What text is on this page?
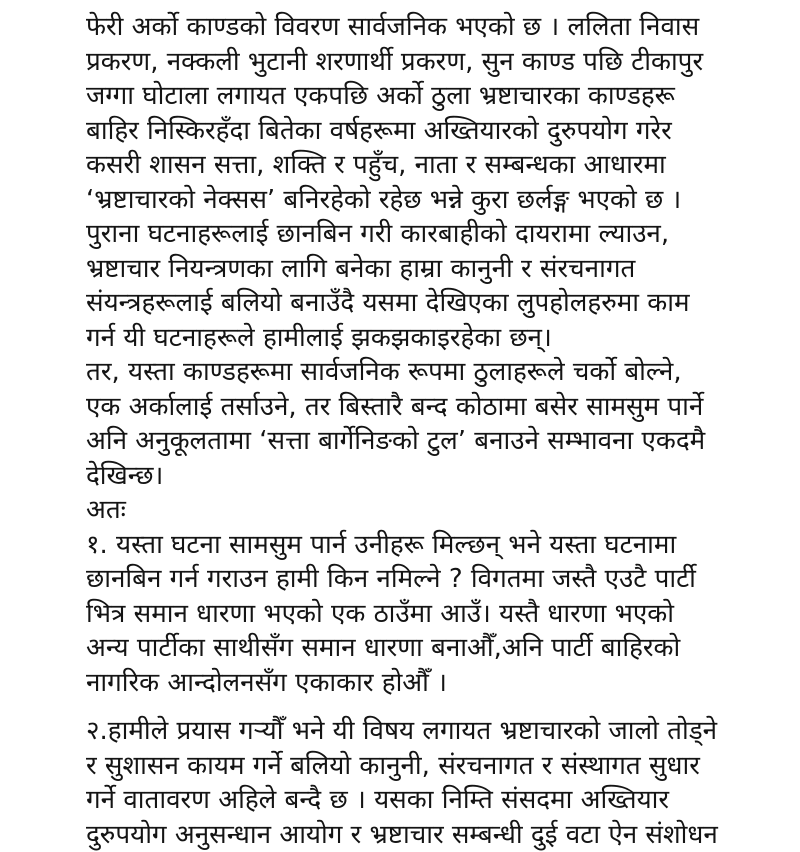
फेरी अर्को काण्डको विवरण सार्वजनिक भएको छ । ललिता निवास
प्रकरण, नक्कली भुटानी शरणार्थी प्रकरण, सुन काण्ड पछि टीकापुर
जग्गा घोटाला लगायत एकपछि अर्को ठुला भ्रष्टाचारका काण्डहरू
बाहिर निस्किरहँदा बितेका वर्षहरूमा अख्तियारको दुरुपयोग गरेर
कसरी शासन सत्ता, शक्ति र पहुँच, नाता र सम्बन्धका आधारमा
‘भ्रष्टाचारको नेक्सस’ बनिरहेको रहेछ भन्ने कुरा छर्लङ्ग भएको छ ।
पुराना घटनाहरूलाई छानबिन गरी कारबाहीको दायरामा ल्याउन,
भ्रष्टाचार नियन्त्रणका लागि बनेका हाम्रा कानुनी र संरचनागत
संयन्त्रहरूलाई बलियो बनाउँदै यसमा देखिएका लुपहोलहरुमा काम
गर्न यी घटनाहरूले हामीलाई झकझकाइरहेका छन्।
तर, यस्ता काण्डहरूमा सार्वजनिक रूपमा ठुलाहरूले चर्को बोल्ने,
एक अर्कालाई तर्साउने, तर बिस्तारै बन्द कोठामा बसेर सामसुम पार्ने
अनि अनुकूलतामा ‘सत्ता बार्गेनिङको टुल’ बनाउने सम्भावना एकदमै
देखिन्छ।
अतः
१. यस्ता घटना सामसुम पार्न उनीहरू मिल्छन् भने यस्ता घटनामा
छानबिन गर्न गराउन हामी किन नमिल्ने ? विगतमा जस्तै एउटै पार्टी
भित्र समान धारणा भएको एक ठाउँमा आउँ। यस्तै धारणा भएको
अन्य पार्टीका साथीसँग समान धारणा बनाऔँ,अनि पार्टी बाहिरको
नागरिक आन्दोलनसँग एकाकार होऔँ ।
२.हामीले प्रयास गर्‍यौँ भने यी विषय लगायत भ्रष्टाचारको जालो तोड्ने
र सुशासन कायम गर्ने बलियो कानुनी, संरचनागत र संस्थागत सुधार
गर्ने वातावरण अहिले बन्दै छ । यसका निम्ति संसदमा अख्तियार
दुरुपयोग अनुसन्धान आयोग र भ्रष्टाचार सम्बन्धी दुई वटा ऐन संशोधन
